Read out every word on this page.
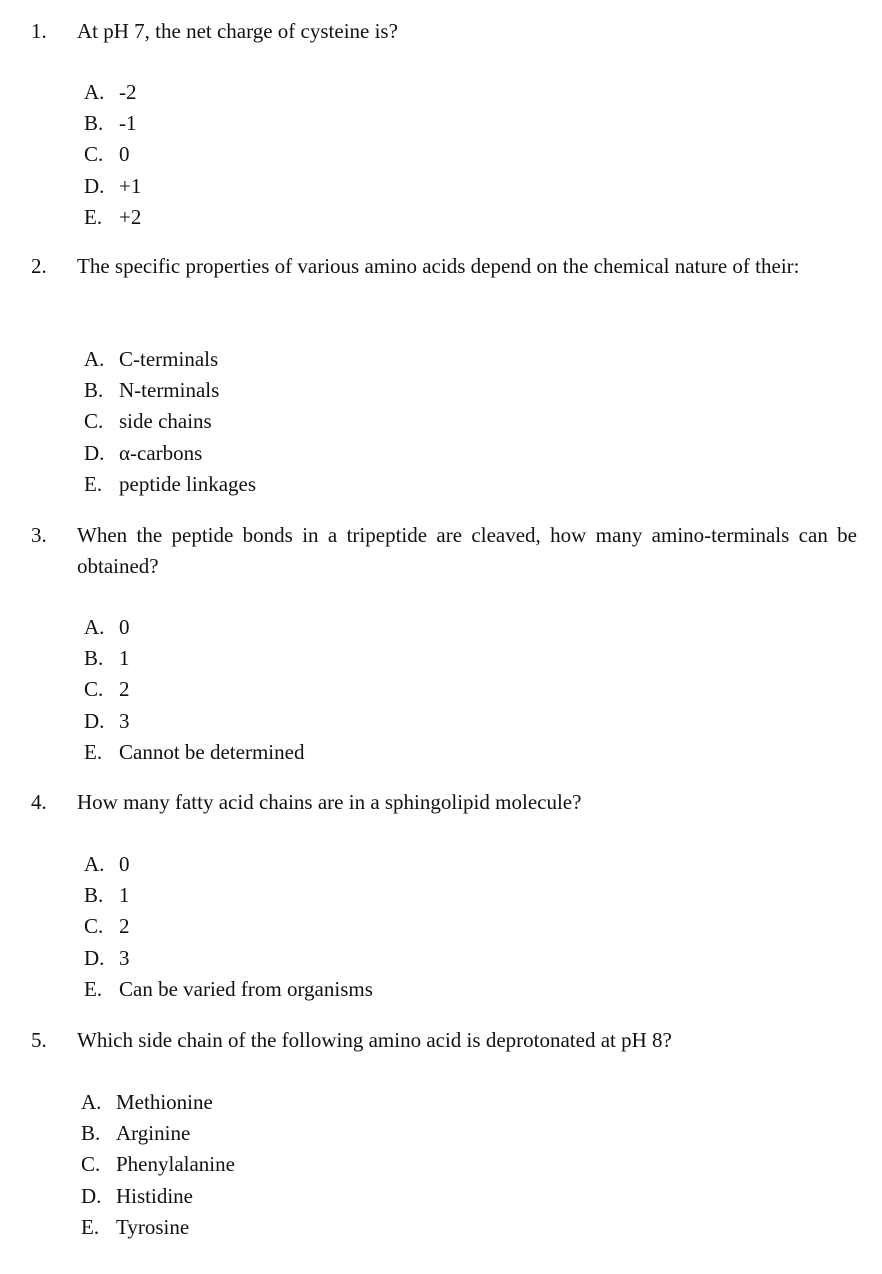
1. At pH 7, the net charge of cysteine is?
A. -2
B. -1
C. 0
D. +1
E. +2
2. The specific properties of various amino acids depend on the chemical nature of their:
A. C-terminals
B. N-terminals
C. side chains
D. α-carbons
E. peptide linkages
3. When the peptide bonds in a tripeptide are cleaved, how many amino-terminals can be obtained?
A. 0
B. 1
C. 2
D. 3
E. Cannot be determined
4. How many fatty acid chains are in a sphingolipid molecule?
A. 0
B. 1
C. 2
D. 3
E. Can be varied from organisms
5. Which side chain of the following amino acid is deprotonated at pH 8?
A. Methionine
B. Arginine
C. Phenylalanine
D. Histidine
E. Tyrosine
